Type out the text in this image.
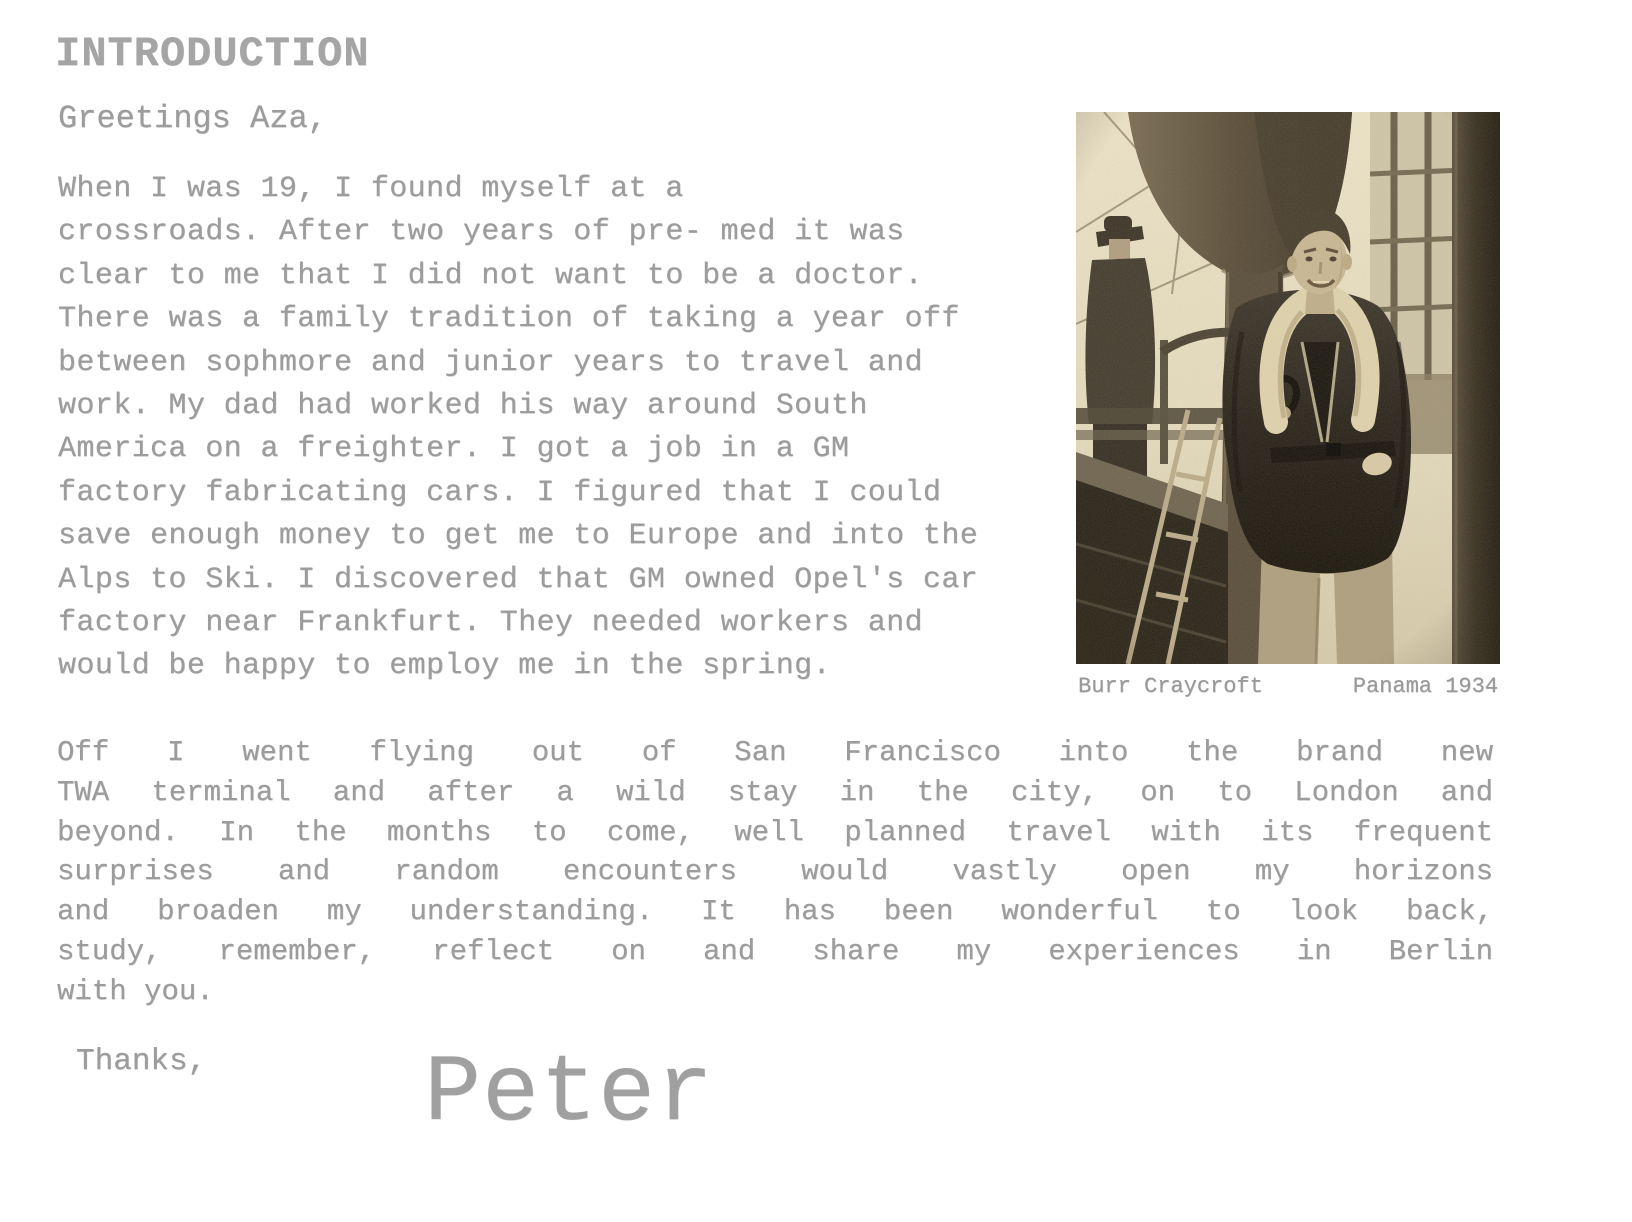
INTRODUCTION

Greetings Aza,

When I was 19, I found myself at a
crossroads. After two years of pre- med it was
clear to me that I did not want to be a doctor.
There was a family tradition of taking a year off
between sophmore and junior years to travel and
work. My dad had worked his way around South
America on a freighter. I got a job in a GM
factory fabricating cars. I figured that I could
save enough money to get me to Europe and into the
Alps to Ski. I discovered that GM owned Opel's car
factory near Frankfurt. They needed workers and
would be happy to employ me in the spring.
Burr Craycroft	Panama 1934
Off I went flying out of San Francisco into the brand new
TWA terminal and after a wild stay in the city, on to London and
beyond. In the months to come, well planned travel with its frequent
surprises and random encounters would vastly open my horizons
and broaden my understanding. It has been wonderful to look back,
study, remember, reflect on and share my experiences in Berlin
with you.

Thanks, Peter
